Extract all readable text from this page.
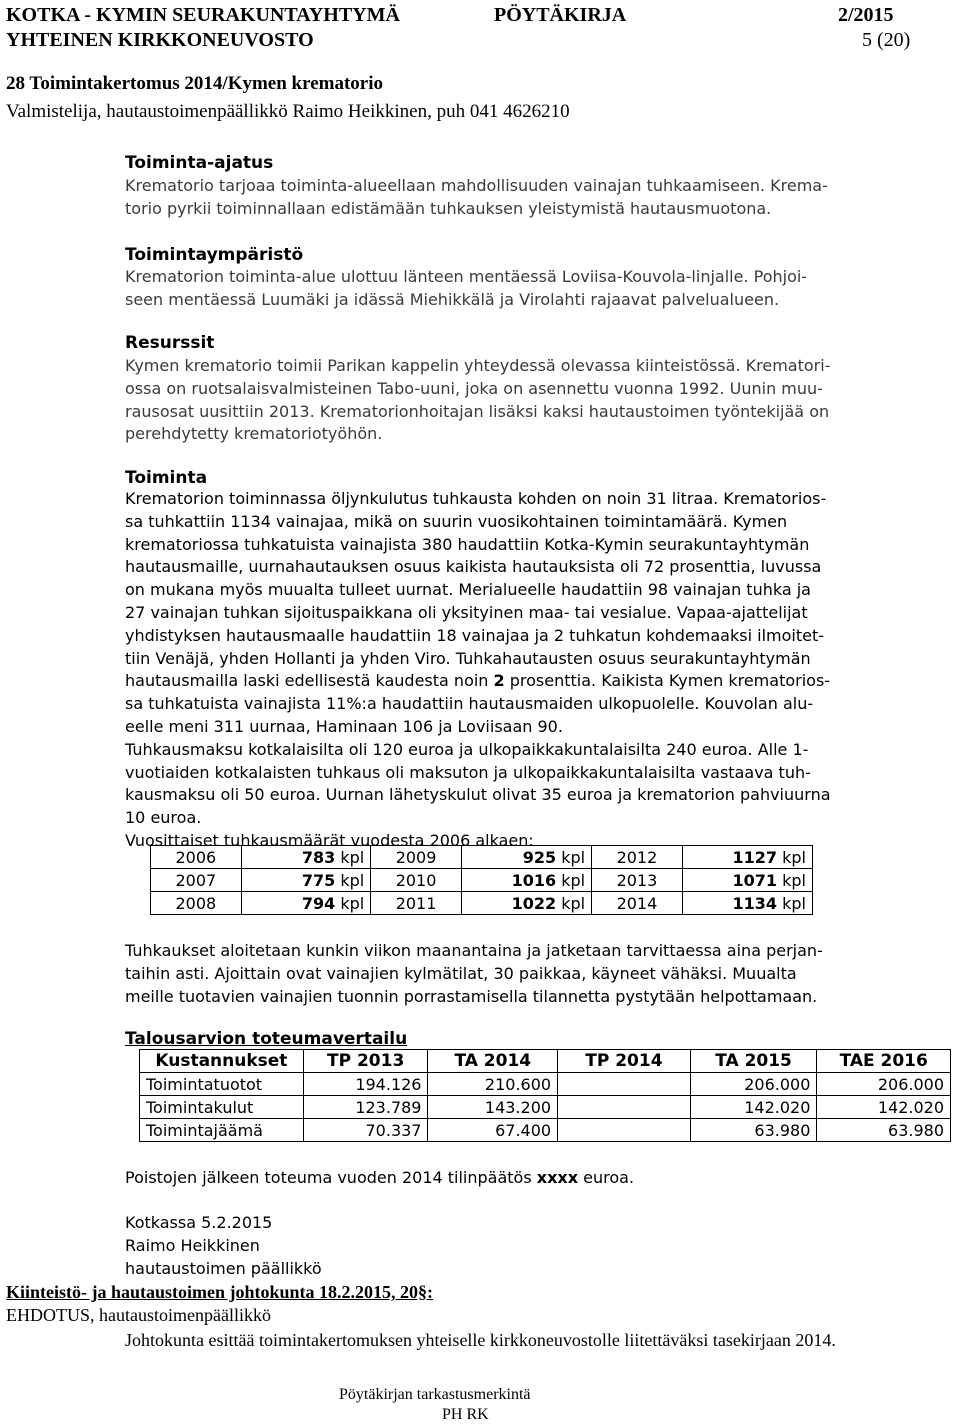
KOTKA - KYMIN SEURAKUNTAYHTYMÄ
YHTEINEN KIRKKONEUVOSTO
PÖYTÄKIRJA	2/2015
5 (20)
28 Toimintakertomus 2014/Kymen krematorio
Valmistelija, hautaustoimenpäällikkö Raimo Heikkinen, puh 041 4626210
Toiminta-ajatus
Krematorio tarjoaa toiminta-alueellaan mahdollisuuden vainajan tuhkaamiseen. Krema-
torio pyrkii toiminnallaan edistämään tuhkauksen yleistymistä hautausmuotona.
Toimintaympäristö
Krematorion toiminta-alue ulottuu länteen mentäessä Loviisa-Kouvola-linjalle. Pohjoi-
seen mentäessä Luumäki ja idässä Miehikkälä ja Virolahti rajaavat palvelualueen.
Resurssit
Kymen krematorio toimii Parikan kappelin yhteydessä olevassa kiinteistössä. Krematori-
ossa on ruotsalaisvalmisteinen Tabo-uuni, joka on asennettu vuonna 1992. Uunin muu-
rausosat uusittiin 2013. Krematorionhoitajan lisäksi kaksi hautaustoimen työntekijää on
perehdytetty krematoriotyöhön.
Toiminta
Krematorion toiminnassa öljynkulutus tuhkausta kohden on noin 31 litraa. Krematorios-
sa tuhkattiin 1134 vainajaa, mikä on suurin vuosikohtainen toimintamäärä. Kymen
krematoriossa tuhkatuista vainajista 380 haudattiin Kotka-Kymin seurakuntayhtymän
hautausmaille, uurnahautauksen osuus kaikista hautauksista oli 72 prosenttia, luvussa
on mukana myös muualta tulleet uurnat. Merialueelle haudattiin 98 vainajan tuhka ja
27 vainajan tuhkan sijoituspaikkana oli yksityinen maa- tai vesialue. Vapaa-ajattelijat
yhdistyksen hautausmaalle haudattiin 18 vainajaa ja 2 tuhkatun kohdemaaksi ilmoitet-
tiin Venäjä, yhden Hollanti ja yhden Viro. Tuhkahautausten osuus seurakuntayhtymän
hautausmailla laski edellisestä kaudesta noin 2 prosenttia. Kaikista Kymen krematorios-
sa tuhkatuista vainajista 11%:a haudattiin hautausmaiden ulkopuolelle. Kouvolan alu-
eelle meni 311 uurnaa, Haminaan 106 ja Loviisaan 90.
Tuhkausmaksu kotkalaisilta oli 120 euroa ja ulkopaikkakuntalaisilta 240 euroa. Alle 1-
vuotiaiden kotkalaisten tuhkaus oli maksuton ja ulkopaikkakuntalaisilta vastaava tuh-
kausmaksu oli 50 euroa. Uurnan lähetyskulut olivat 35 euroa ja krematorion pahviuurna
10 euroa.
Vuosittaiset tuhkausmäärät vuodesta 2006 alkaen:
2006	783 kpl	2009	925 kpl	2012	1127 kpl
2007	775 kpl	2010	1016 kpl	2013	1071 kpl
2008	794 kpl	2011	1022 kpl	2014	1134 kpl
Tuhkaukset aloitetaan kunkin viikon maanantaina ja jatketaan tarvittaessa aina perjan-
taihin asti. Ajoittain ovat vainajien kylmätilat, 30 paikkaa, käyneet vähäksi. Muualta
meille tuotavien vainajien tuonnin porrastamisella tilannetta pystytään helpottamaan.
Talousarvion toteumavertailu
Kustannukset	TP 2013	TA 2014	TP 2014	TA 2015	TAE 2016
Toimintatuotot	194.126	210.600		206.000	206.000
Toimintakulut	123.789	143.200		142.020	142.020
Toimintajäämä	70.337	67.400		63.980	63.980
Poistojen jälkeen toteuma vuoden 2014 tilinpäätös xxxx euroa.
Kotkassa 5.2.2015
Raimo Heikkinen
hautaustoimen päällikkö
Kiinteistö- ja hautaustoimen johtokunta 18.2.2015, 20§:
EHDOTUS, hautaustoimenpäällikkö
Johtokunta esittää toimintakertomuksen yhteiselle kirkkoneuvostolle liitettäväksi tasekirjaan 2014.
Pöytäkirjan tarkastusmerkintä
PH RK
